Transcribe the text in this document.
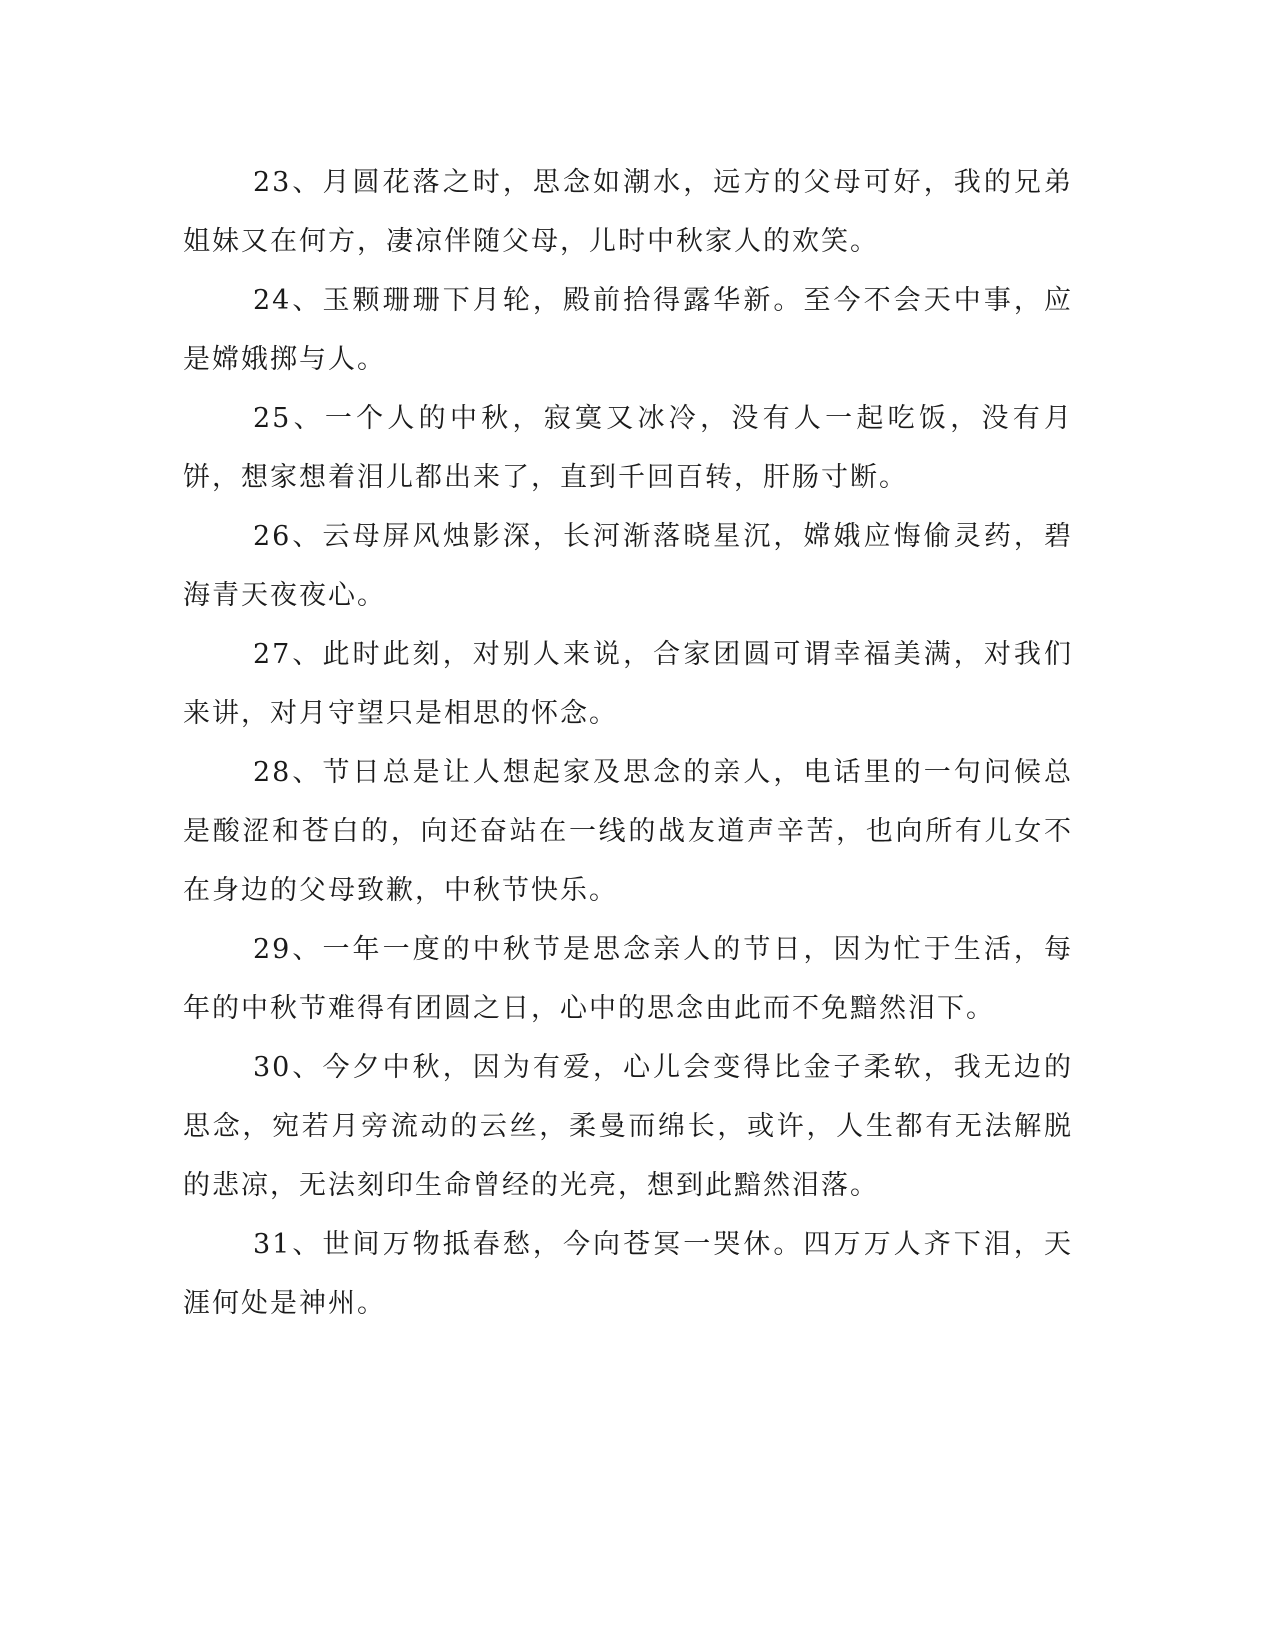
23、月圆花落之时，思念如潮水，远方的父母可好，我的兄弟姐妹又在何方，凄凉伴随父母，儿时中秋家人的欢笑。

24、玉颗珊珊下月轮，殿前拾得露华新。至今不会天中事，应是嫦娥掷与人。

25、一个人的中秋，寂寞又冰冷，没有人一起吃饭，没有月饼，想家想着泪儿都出来了，直到千回百转，肝肠寸断。

26、云母屏风烛影深，长河渐落晓星沉，嫦娥应悔偷灵药，碧海青天夜夜心。

27、此时此刻，对别人来说，合家团圆可谓幸福美满，对我们来讲，对月守望只是相思的怀念。

28、节日总是让人想起家及思念的亲人，电话里的一句问候总是酸涩和苍白的，向还奋站在一线的战友道声辛苦，也向所有儿女不在身边的父母致歉，中秋节快乐。

29、一年一度的中秋节是思念亲人的节日，因为忙于生活，每年的中秋节难得有团圆之日，心中的思念由此而不免黯然泪下。

30、今夕中秋，因为有爱，心儿会变得比金子柔软，我无边的思念，宛若月旁流动的云丝，柔曼而绵长，或许，人生都有无法解脱的悲凉，无法刻印生命曾经的光亮，想到此黯然泪落。

31、世间万物抵春愁，今向苍冥一哭休。四万万人齐下泪，天涯何处是神州。
